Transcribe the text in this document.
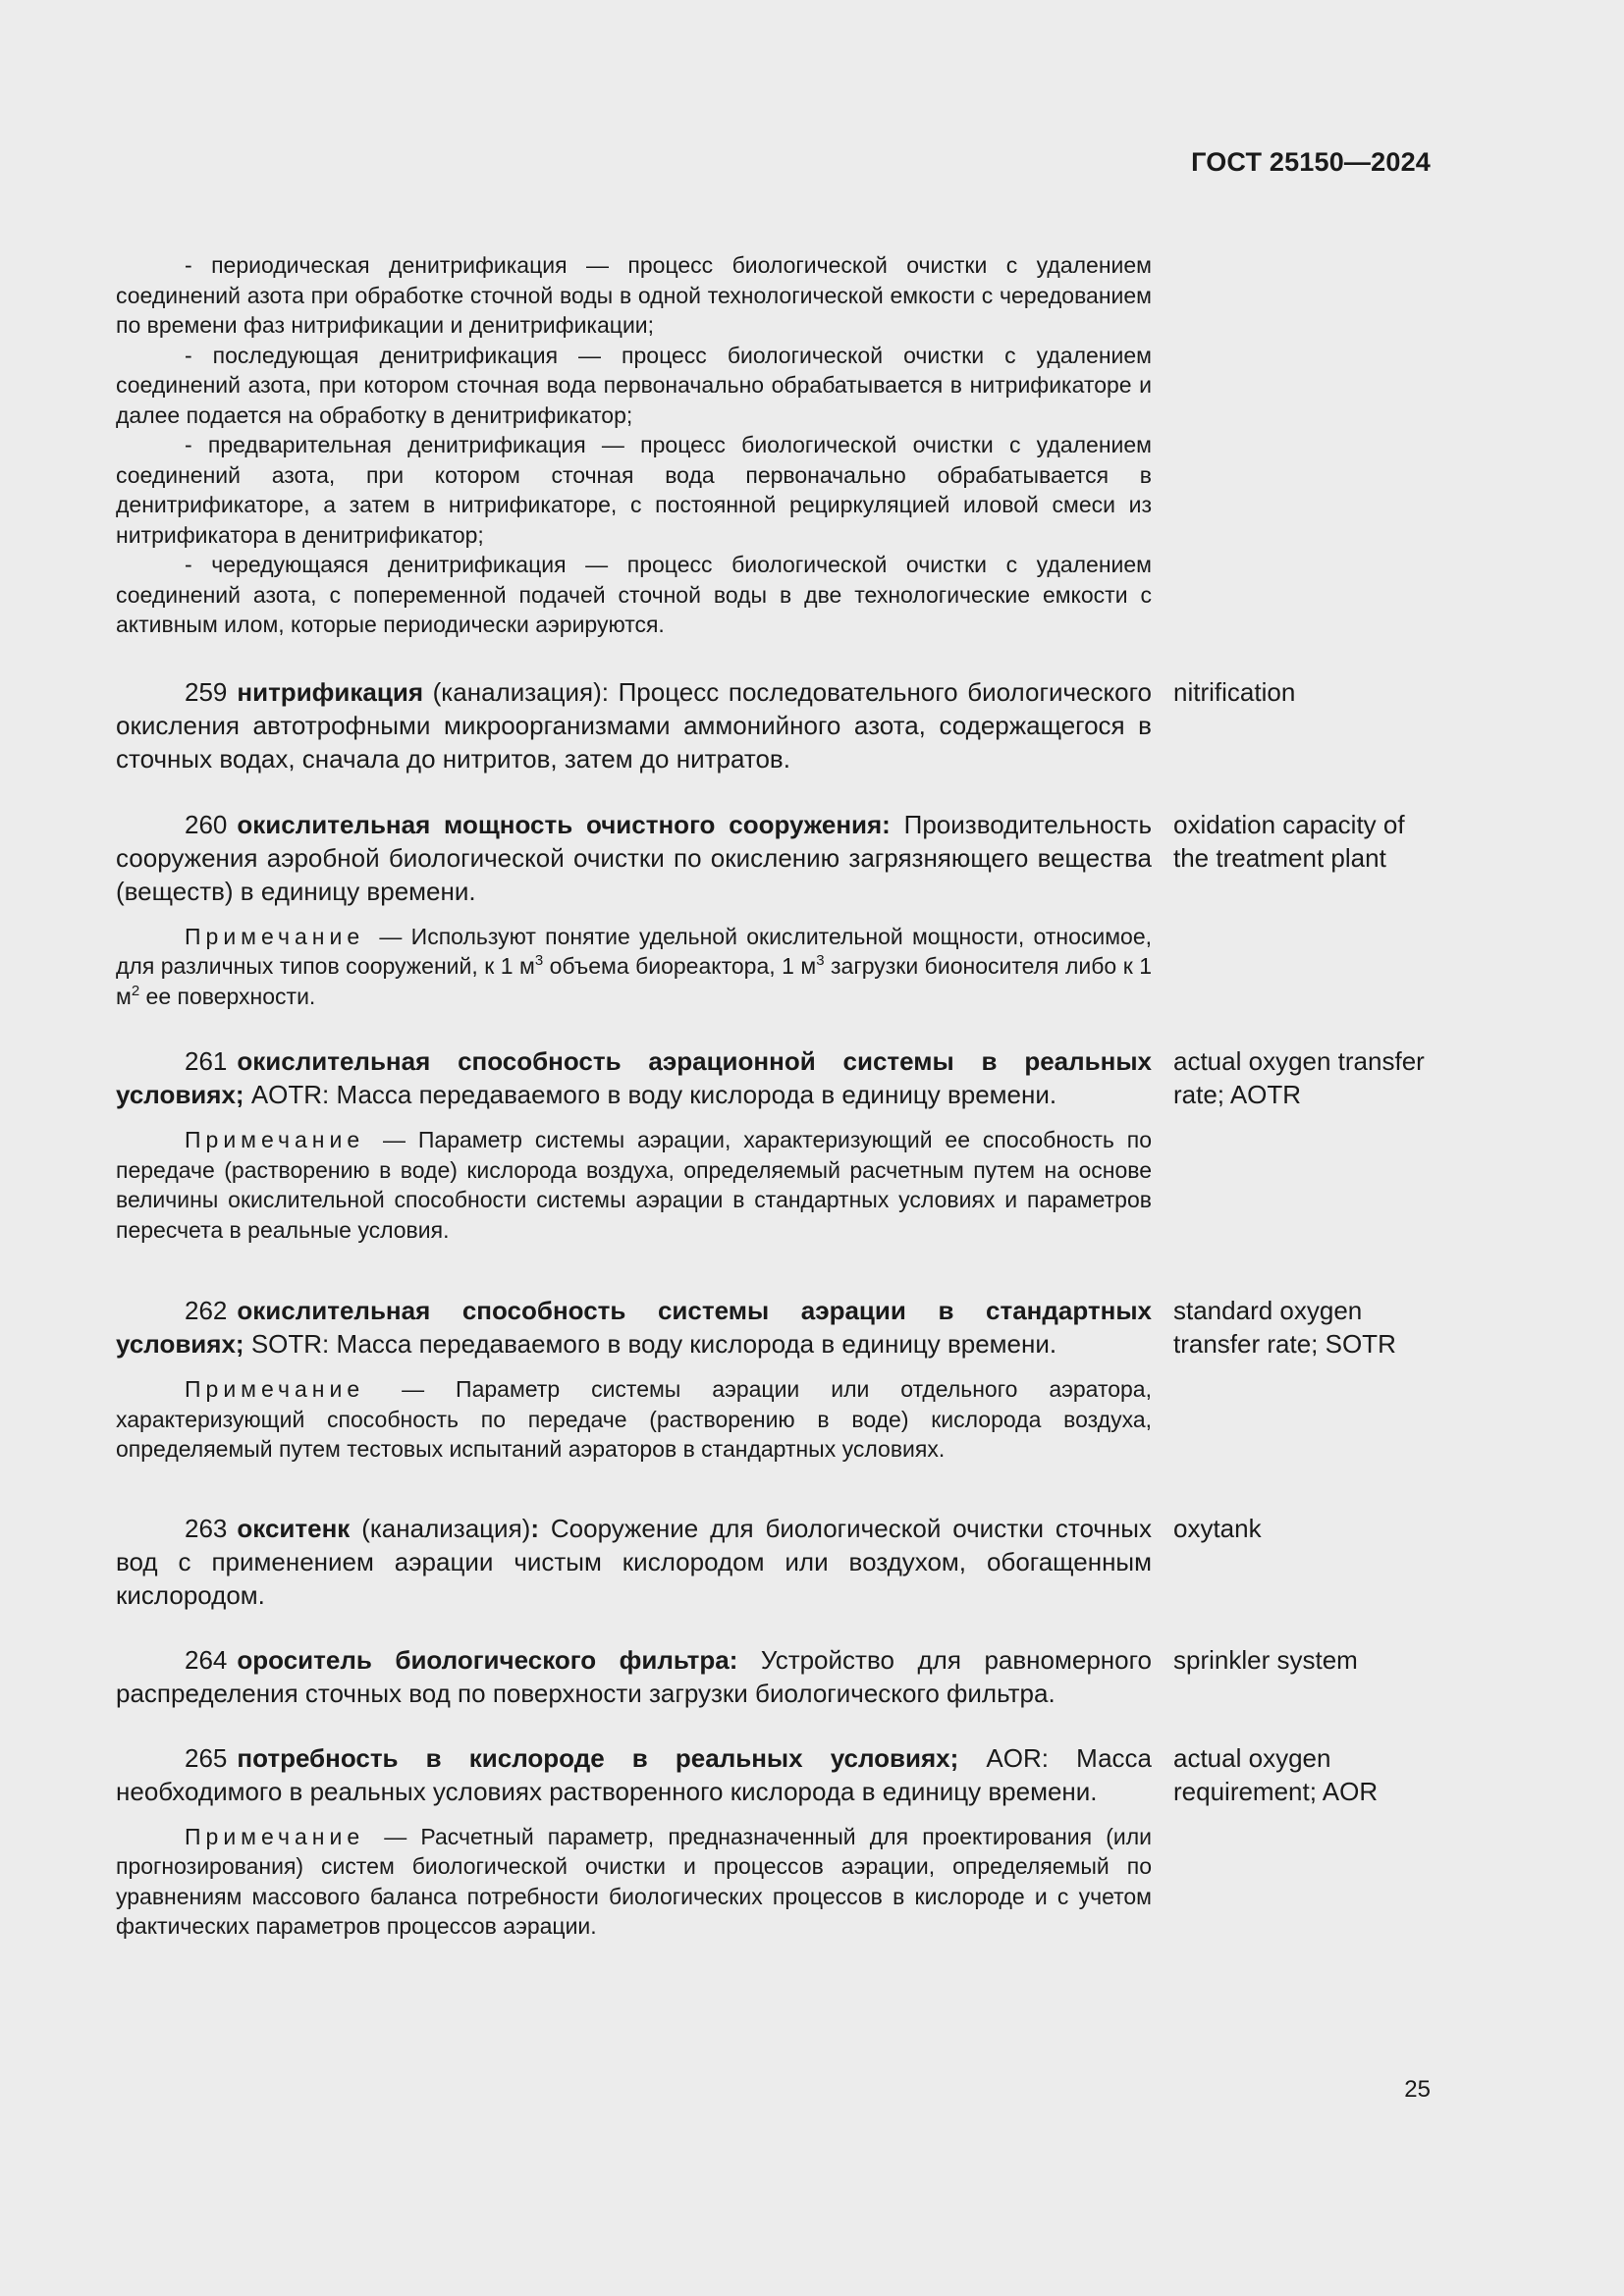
ГОСТ 25150—2024

- периодическая денитрификация — процесс биологической очистки с удалением соединений азота при обработке сточной воды в одной технологической емкости с чередованием по времени фаз нитрификации и денитрификации;

- последующая денитрификация — процесс биологической очистки с удалением соединений азота, при котором сточная вода первоначально обрабатывается в нитрификаторе и далее подается на обработку в денитрификатор;

- предварительная денитрификация — процесс биологической очистки с удалением соединений азота, при котором сточная вода первоначально обрабатывается в денитрификаторе, а затем в нитрификаторе, с постоянной рециркуляцией иловой смеси из нитрификатора в денитрификатор;

- чередующаяся денитрификация — процесс биологической очистки с удалением соединений азота, с попеременной подачей сточной воды в две технологические емкости с активным илом, которые периодически аэрируются.

259 нитрификация (канализация): Процесс последовательного биологического окисления автотрофными микроорганизмами аммонийного азота, содержащегося в сточных водах, сначала до нитритов, затем до нитратов.

nitrification

260 окислительная мощность очистного сооружения: Производительность сооружения аэробной биологической очистки по окислению загрязняющего вещества (веществ) в единицу времени.

Примечание — Используют понятие удельной окислительной мощности, относимое, для различных типов сооружений, к 1 $м^3$ объема биореактора, 1 $м^3$ загрузки бионосителя либо к 1 $м^2$ ее поверхности.

oxidation capacity of the treatment plant

261 окислительная способность аэрационной системы в реальных условиях; AOTR: Масса передаваемого в воду кислорода в единицу времени.

Примечание — Параметр системы аэрации, характеризующий ее способность по передаче (растворению в воде) кислорода воздуха, определяемый расчетным путем на основе величины окислительной способности системы аэрации в стандартных условиях и параметров пересчета в реальные условия.

actual oxygen transfer rate; AOTR

262 окислительная способность системы аэрации в стандартных условиях; SOTR: Масса передаваемого в воду кислорода в единицу времени.

Примечание — Параметр системы аэрации или отдельного аэратора, характеризующий способность по передаче (растворению в воде) кислорода воздуха, определяемый путем тестовых испытаний аэраторов в стандартных условиях.

standard oxygen transfer rate; SOTR

263 окситенк (канализация): Сооружение для биологической очистки сточных вод с применением аэрации чистым кислородом или воздухом, обогащенным кислородом.

oxytank

264 ороситель биологического фильтра: Устройство для равномерного распределения сточных вод по поверхности загрузки биологического фильтра.

sprinkler system

265 потребность в кислороде в реальных условиях; AOR: Масса необходимого в реальных условиях растворенного кислорода в единицу времени.

Примечание — Расчетный параметр, предназначенный для проектирования (или прогнозирования) систем биологической очистки и процессов аэрации, определяемый по уравнениям массового баланса потребности биологических процессов в кислороде и с учетом фактических параметров процессов аэрации.

actual oxygen requirement; AOR
25
